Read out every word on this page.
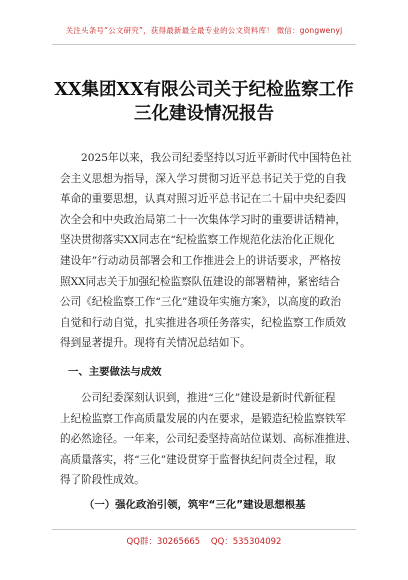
关注头条号“公文研究”，获得最新最全最专业的公文资料库！ 微信：gongwenyj
XX集团XX有限公司关于纪检监察工作
三化建设情况报告
2025年以来，我公司纪委坚持以习近平新时代中国特色社
会主义思想为指导，深入学习贯彻习近平总书记关于党的自我
革命的重要思想，认真对照习近平总书记在二十届中央纪委四
次全会和中央政治局第二十一次集体学习时的重要讲话精神，
坚决贯彻落实XX同志在“纪检监察工作规范化法治化正规化
建设年”行动动员部署会和工作推进会上的讲话要求，严格按
照XX同志关于加强纪检监察队伍建设的部署精神，紧密结合
公司《纪检监察工作“三化”建设年实施方案》，以高度的政治
自觉和行动自觉，扎实推进各项任务落实，纪检监察工作质效
得到显著提升。现将有关情况总结如下。
一、主要做法与成效
公司纪委深刻认识到，推进“三化”建设是新时代新征程
上纪检监察工作高质量发展的内在要求，是锻造纪检监察铁军
的必然途径。一年来，公司纪委坚持高站位谋划、高标准推进、
高质量落实，将“三化”建设贯穿于监督执纪问责全过程，取
得了阶段性成效。
（一）强化政治引领，筑牢“三化”建设思想根基
QQ群：30265665 QQ：535304092
